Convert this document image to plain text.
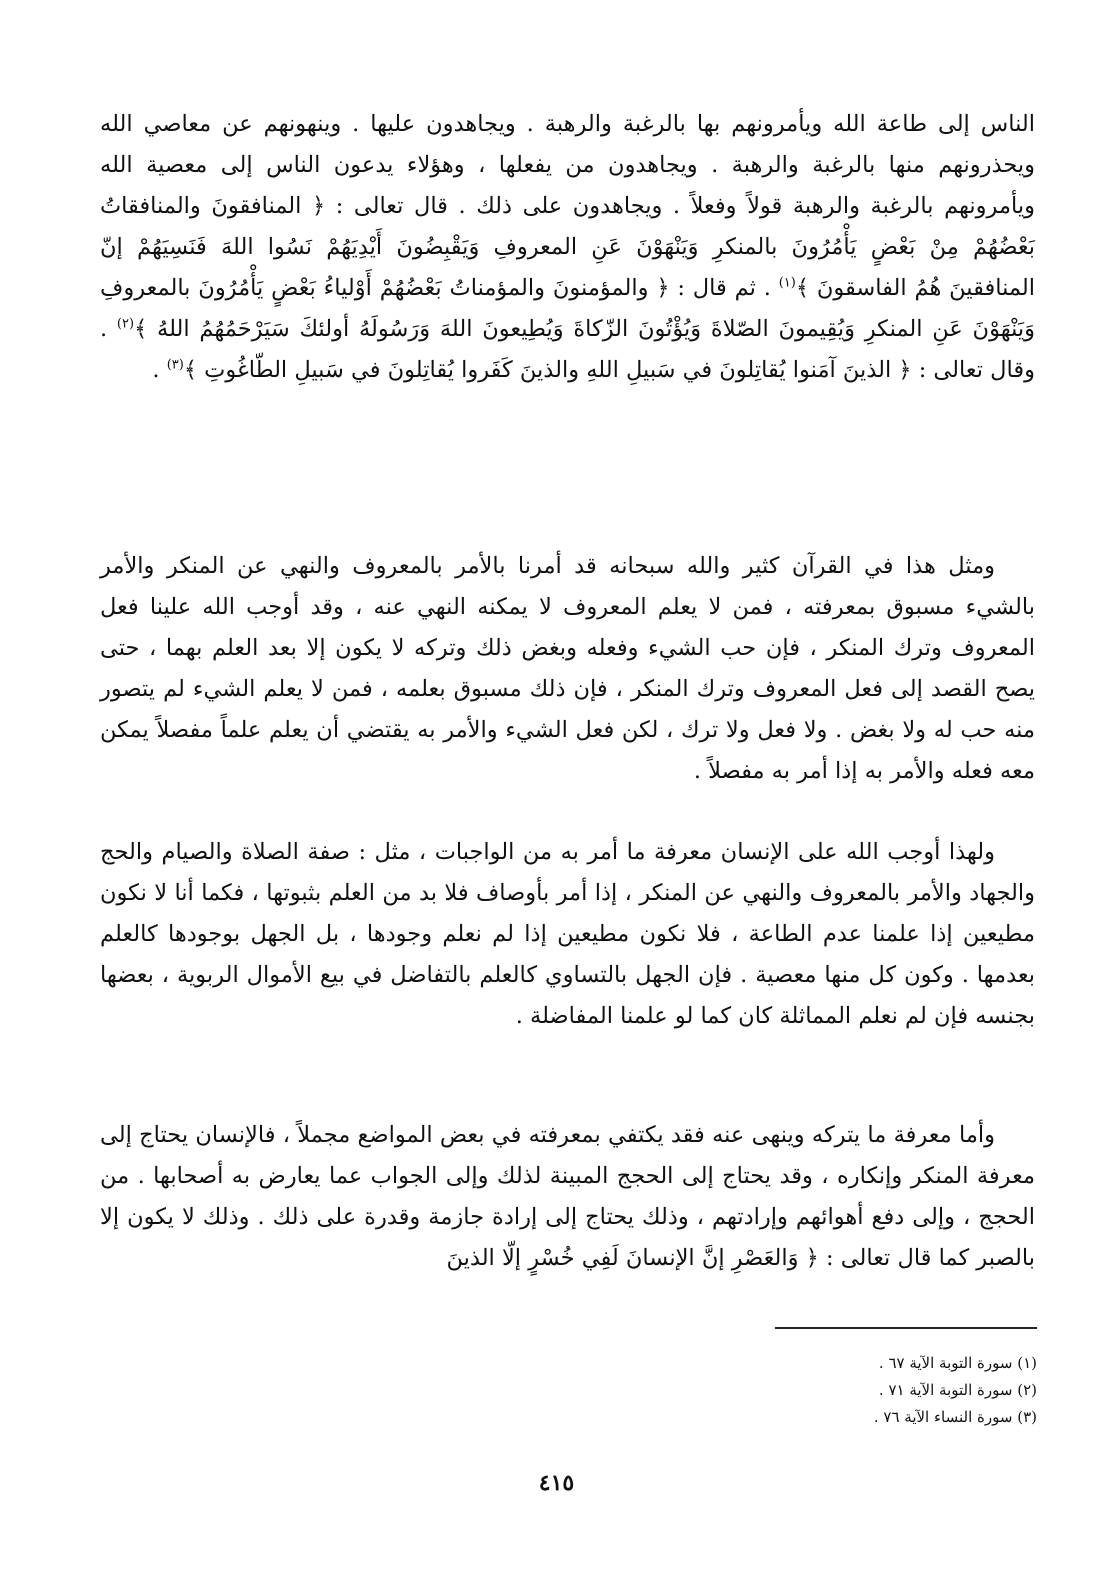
الناس إلى طاعة الله ويأمرونهم بها بالرغبة والرهبة . ويجاهدون عليها . وينهونهم عن معاصي الله ويحذرونهم منها بالرغبة والرهبة . ويجاهدون من يفعلها ، وهؤلاء يدعون الناس إلى معصية الله ويأمرونهم بالرغبة والرهبة قولاً وفعلاً . ويجاهدون على ذلك . قال تعالى : ﴿ المنافقونَ والمنافقاتُ بَعْضُهُمْ مِنْ بَعْضٍ يَأْمُرُونَ بالمنكرِ وَيَنْهَوْنَ عَنِ المعروفِ وَيَقْبِضُونَ أَيْدِيَهُمْ نَسُوا اللهَ فَنَسِيَهُمْ إنّ المنافقينَ هُمُ الفاسقونَ ﴾$^{(١)}$ . ثم قال : ﴿ والمؤمنونَ والمؤمناتُ بَعْضُهُمْ أَوْلياءُ بَعْضٍ يَأْمُرُونَ بالمعروفِ وَيَنْهَوْنَ عَنِ المنكرِ وَيُقِيمونَ الصّلاةَ وَيُؤْتُونَ الزّكاةَ وَيُطِيعونَ اللهَ وَرَسُولَهُ أولئكَ سَيَرْحَمُهُمُ اللهُ ﴾$^{(٢)}$ . وقال تعالى : ﴿ الذينَ آمَنوا يُقاتِلونَ في سَبيلِ اللهِ والذينَ كَفَروا يُقاتِلونَ في سَبيلِ الطّاغُوتِ ﴾$^{(٣)}$ .

ومثل هذا في القرآن كثير والله سبحانه قد أمرنا بالأمر بالمعروف والنهي عن المنكر والأمر بالشيء مسبوق بمعرفته ، فمن لا يعلم المعروف لا يمكنه النهي عنه ، وقد أوجب الله علينا فعل المعروف وترك المنكر ، فإن حب الشيء وفعله وبغض ذلك وتركه لا يكون إلا بعد العلم بهما ، حتى يصح القصد إلى فعل المعروف وترك المنكر ، فإن ذلك مسبوق بعلمه ، فمن لا يعلم الشيء لم يتصور منه حب له ولا بغض . ولا فعل ولا ترك ، لكن فعل الشيء والأمر به يقتضي أن يعلم علماً مفصلاً يمكن معه فعله والأمر به إذا أمر به مفصلاً .

ولهذا أوجب الله على الإنسان معرفة ما أمر به من الواجبات ، مثل : صفة الصلاة والصيام والحج والجهاد والأمر بالمعروف والنهي عن المنكر ، إذا أمر بأوصاف فلا بد من العلم بثبوتها ، فكما أنا لا نكون مطيعين إذا علمنا عدم الطاعة ، فلا نكون مطيعين إذا لم نعلم وجودها ، بل الجهل بوجودها كالعلم بعدمها . وكون كل منها معصية . فإن الجهل بالتساوي كالعلم بالتفاضل في بيع الأموال الربوية ، بعضها بجنسه فإن لم نعلم المماثلة كان كما لو علمنا المفاضلة .

وأما معرفة ما يتركه وينهى عنه فقد يكتفي بمعرفته في بعض المواضع مجملاً ، فالإنسان يحتاج إلى معرفة المنكر وإنكاره ، وقد يحتاج إلى الحجج المبينة لذلك وإلى الجواب عما يعارض به أصحابها . من الحجج ، وإلى دفع أهوائهم وإرادتهم ، وذلك يحتاج إلى إرادة جازمة وقدرة على ذلك . وذلك لا يكون إلا بالصبر كما قال تعالى : ﴿ وَالعَصْرِ إنَّ الإنسانَ لَفِي خُسْرٍ إلّا الذينَ

(١) سورة التوبة الآية ٦٧ .

(٢) سورة التوبة الآية ٧١ .

(٣) سورة النساء الآية ٧٦ .

٤١٥
